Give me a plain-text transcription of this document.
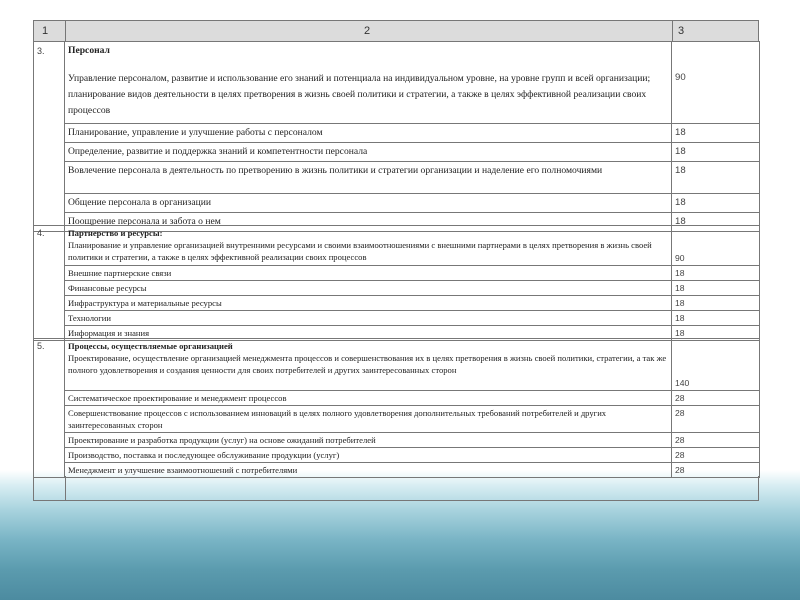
1	2	3
3.	Персонал
Управление персоналом, развитие и использование его знаний и потенциала на индивидуальном уровне, на уровне групп и всей организации; планирование видов деятельности в целях претворения в жизнь своей политики и стратегии, а также в целях эффективной реализации своих процессов	90
	Планирование, управление и улучшение работы с персоналом	18
	Определение, развитие и поддержка знаний и компетентности персонала	18
	Вовлечение персонала в деятельность по претворению в жизнь политики и стратегии организации и наделение его полномочиями	18
	Общение персонала в организации	18
	Поощрение персонала и забота о нем	18
4.	Партнерство и ресурсы:
Планирование и управление организацией внутренними ресурсами и своими взаимоотношениями с внешними партнерами в целях претворения в жизнь своей политики и стратегии, а также в целях эффективной реализации своих процессов	90
	Внешние партнерские связи	18
	Финансовые ресурсы	18
	Инфраструктура и материальные ресурсы	18
	Технологии	18
	Информация и знания	18
5.	Процессы, осуществляемые организацией
Проектирование, осуществление организацией менеджмента процессов и совершенствования их в целях претворения в жизнь своей политики, стратегии, а так же полного удовлетворения и создания ценности для своих потребителей и других заинтересованных сторон	140
	Систематическое проектирование и менеджмент процессов	28
	Совершенствование процессов с использованием инноваций в целях полного удовлетворения дополнительных требований потребителей и других заинтересованных сторон	28
	Проектирование и разработка продукции (услуг) на основе ожиданий потребителей	28
	Производство, поставка и последующее обслуживание продукции (услуг)	28
	Менеджмент и улучшение взаимоотношений с потребителями	28
